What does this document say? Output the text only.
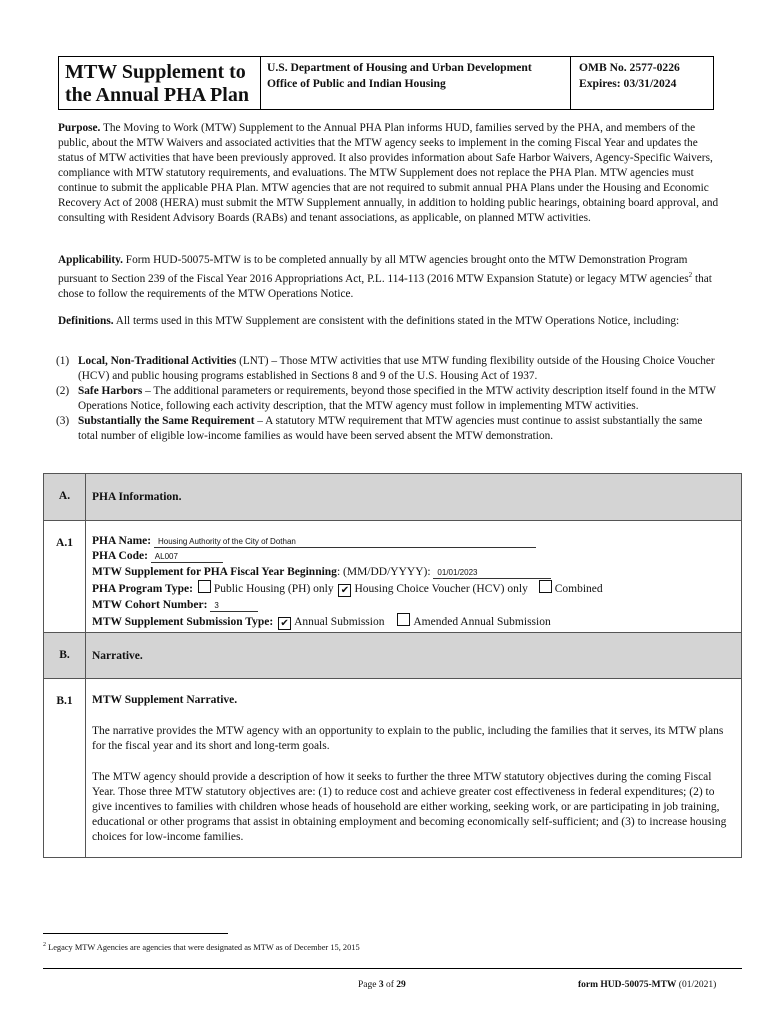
MTW Supplement to
the Annual PHA Plan
U.S. Department of Housing and Urban Development
Office of Public and Indian Housing
OMB No. 2577-0226
Expires: 03/31/2024
Purpose. The Moving to Work (MTW) Supplement to the Annual PHA Plan informs HUD, families served by the PHA, and members of the public, about the MTW Waivers and associated activities that the MTW agency seeks to implement in the coming Fiscal Year and updates the status of MTW activities that have been previously approved. It also provides information about Safe Harbor Waivers, Agency-Specific Waivers, compliance with MTW statutory requirements, and evaluations. The MTW Supplement does not replace the PHA Plan. MTW agencies must continue to submit the applicable PHA Plan. MTW agencies that are not required to submit annual PHA Plans under the Housing and Economic Recovery Act of 2008 (HERA) must submit the MTW Supplement annually, in addition to holding public hearings, obtaining board approval, and consulting with Resident Advisory Boards (RABs) and tenant associations, as applicable, on planned MTW activities.
Applicability. Form HUD-50075-MTW is to be completed annually by all MTW agencies brought onto the MTW Demonstration Program pursuant to Section 239 of the Fiscal Year 2016 Appropriations Act, P.L. 114-113 (2016 MTW Expansion Statute) or legacy MTW agencies$^2$ that chose to follow the requirements of the MTW Operations Notice.
Definitions. All terms used in this MTW Supplement are consistent with the definitions stated in the MTW Operations Notice, including:
(1) Local, Non-Traditional Activities (LNT) – Those MTW activities that use MTW funding flexibility outside of the Housing Choice Voucher (HCV) and public housing programs established in Sections 8 and 9 of the U.S. Housing Act of 1937.
(2) Safe Harbors – The additional parameters or requirements, beyond those specified in the MTW activity description itself found in the MTW Operations Notice, following each activity description, that the MTW agency must follow in implementing MTW activities.
(3) Substantially the Same Requirement – A statutory MTW requirement that MTW agencies must continue to assist substantially the same total number of eligible low-income families as would have been served absent the MTW demonstration.
A.	PHA Information.
A.1	PHA Name: Housing Authority of the City of Dothan
PHA Code: AL007
MTW Supplement for PHA Fiscal Year Beginning: (MM/DD/YYYY): 01/01/2023
PHA Program Type: Public Housing (PH) only ✔ Housing Choice Voucher (HCV) only Combined
MTW Cohort Number: 3
MTW Supplement Submission Type: ✔ Annual Submission	Amended Annual Submission
B.	Narrative.
B.1	MTW Supplement Narrative.
The narrative provides the MTW agency with an opportunity to explain to the public, including the families that it serves, its MTW plans for the fiscal year and its short and long-term goals.
The MTW agency should provide a description of how it seeks to further the three MTW statutory objectives during the coming Fiscal Year. Those three MTW statutory objectives are: (1) to reduce cost and achieve greater cost effectiveness in federal expenditures; (2) to give incentives to families with children whose heads of household are either working, seeking work, or are participating in job training, educational or other programs that assist in obtaining employment and becoming economically self-sufficient; and (3) to increase housing choices for low-income families.
$^2$ Legacy MTW Agencies are agencies that were designated as MTW as of December 15, 2015
Page 3 of 29	form HUD-50075-MTW (01/2021)
